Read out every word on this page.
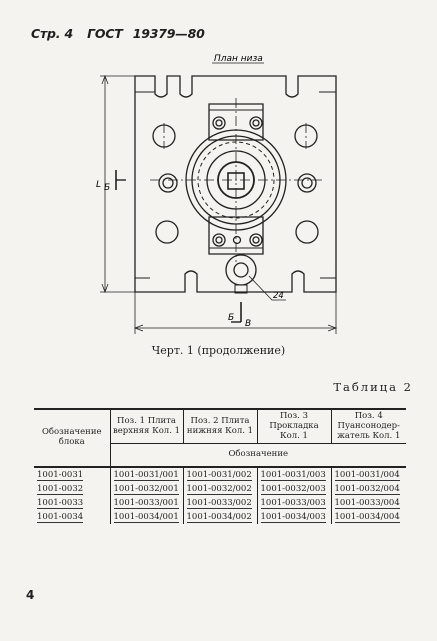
Стр. 4 ГОСТ 19379—80
План низа
24
Б
Б
В
L
Черт. 1 (продолжение)
Таблица 2
Обозначение блока	Поз. 1 Плита верхняя Кол. 1	Поз. 2 Плита нижняя Кол. 1	Поз. 3 Прокладка Кол. 1	Поз. 4 Пуансонодер-жатель Кол. 1
	Обозначение			
1001-0031	1001-0031/001	1001-0031/002	1001-0031/003	1001-0031/004
1001-0032	1001-0032/001	1001-0032/002	1001-0032/003	1001-0032/004
1001-0033	1001-0033/001	1001-0033/002	1001-0033/003	1001-0033/004
1001-0034	1001-0034/001	1001-0034/002	1001-0034/003	1001-0034/004
4
